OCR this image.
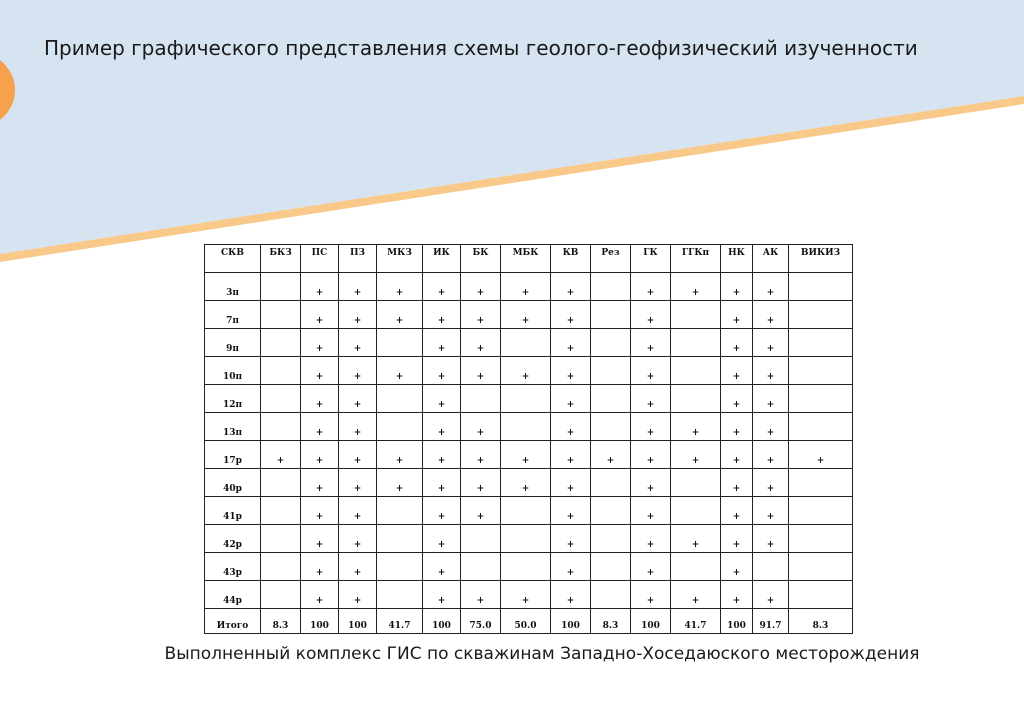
Пример графического представления схемы геолого-геофизический изученности
СКВ	БКЗ	ПС	ПЗ	МКЗ	ИК	БК	МБК	КВ	Рез	ГК	ГГКп	НК	АК	ВИКИЗ
3п		+	+	+	+	+	+	+		+	+	+	+	
7п		+	+	+	+	+	+	+		+		+	+	
9п		+	+		+	+		+		+		+	+	
10п		+	+	+	+	+	+	+		+		+	+	
12п		+	+		+			+		+		+	+	
13п		+	+		+	+		+		+	+	+	+	
17р	+	+	+	+	+	+	+	+	+	+	+	+	+	+
40р		+	+	+	+	+	+	+		+		+	+	
41р		+	+		+	+		+		+		+	+	
42р		+	+		+			+		+	+	+	+	
43р		+	+		+			+		+		+		
44р		+	+		+	+	+	+		+	+	+	+	
Итого	8.3	100	100	41.7	100	75.0	50.0	100	8.3	100	41.7	100	91.7	8.3
Выполненный комплекс ГИС по скважинам Западно-Хоседаюского месторождения
